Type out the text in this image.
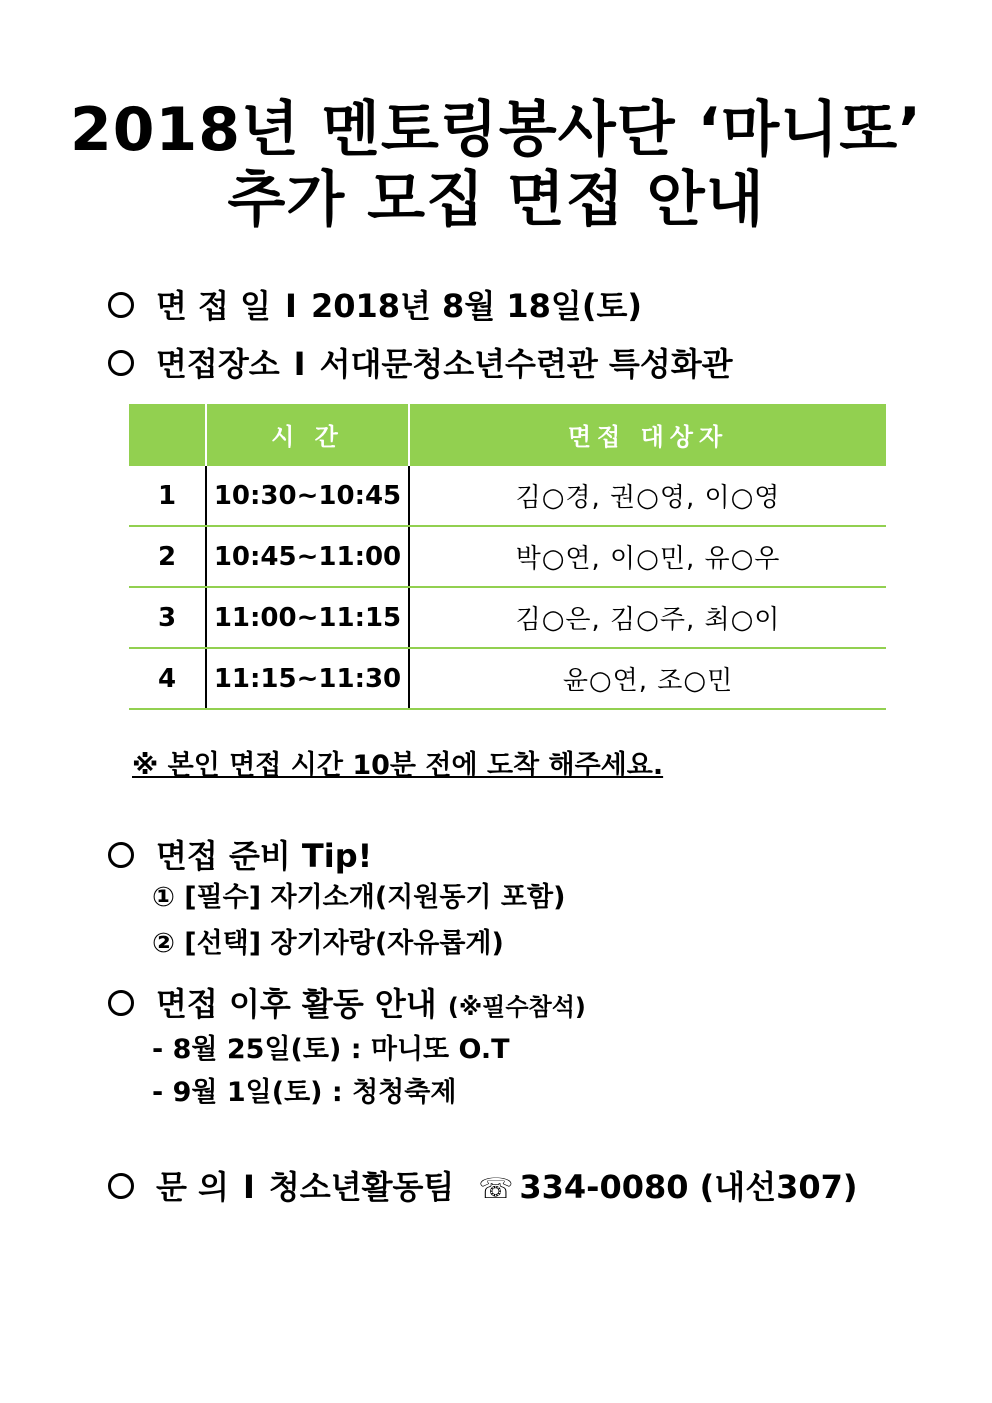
2018년 멘토링봉사단 ‘마니또’
추가 모집 면접 안내
면 접 일 I 2018년 8월 18일(토)
면접장소 I 서대문청소년수련관 특성화관
	시 간	면접 대상자
1	10:30~10:45	김○경, 권○영, 이○영
2	10:45~11:00	박○연, 이○민, 유○우
3	11:00~11:15	김○은, 김○주, 최○이
4	11:15~11:30	윤○연, 조○민
※ 본인 면접 시간 10분 전에 도착 해주세요.
면접 준비 Tip!
① [필수] 자기소개(지원동기 포함)
② [선택] 장기자랑(자유롭게)
면접 이후 활동 안내 (※필수참석)
- 8월 25일(토) : 마니또 O.T
- 9월 1일(토) : 청청축제
문 의 I 청소년활동팀 ☏ 334-0080 (내선307)
